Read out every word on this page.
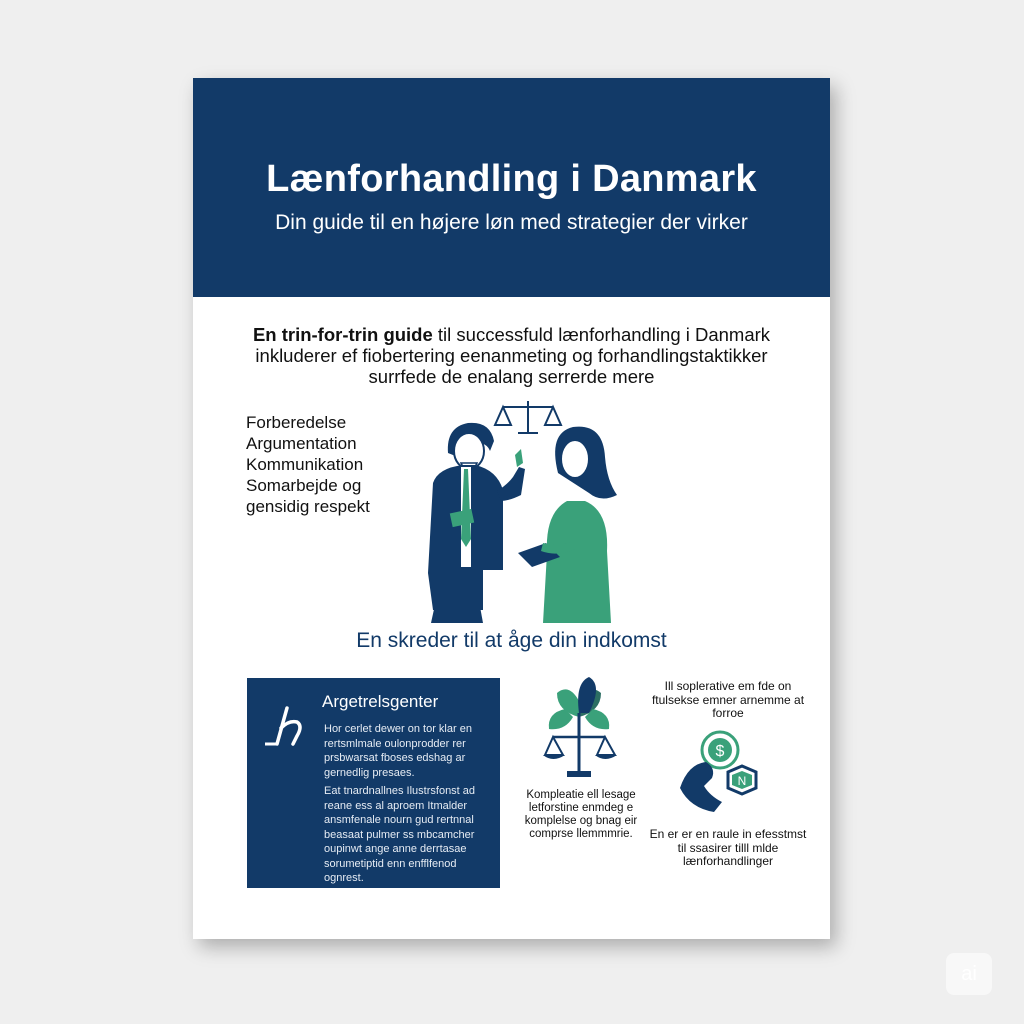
Lænforhandling i Danmark
Din guide til en højere løn med strategier der virker
En trin-for-trin guide til successfuld lænforhandling i Danmark
inkluderer ef fiobertering eenanmeting og forhandlingstaktikker
surrfede de enalang serrerde mere
Forberedelse
Argumentation
Kommunikation
Somarbejde og
gensidig respekt
En skreder til at åge din indkomst
Argetrelsgenter
Hor cerlet dewer on tor klar en rertsmlmale oulonprodder rer prsbwarsat fboses edshag ar gernedlig presaes.
Eat tnardnallnes Ilustrsfonst ad reane ess al aproem Itmalder ansmfenale nourn gud rertnnal beasaat pulmer ss mbcamcher oupinwt ange anne derrtasae sorumetiptid enn enfflfenod ognrest.
Kompleatie ell lesage letforstine enmdeg e komplelse og bnag eir comprse llemmmrie.
Ill soplerative em fde on ftulsekse emner arnemme at forroe
$
N
En er er en raule in efesstmst til ssasirer tilll mlde lænforhandlinger
ai
